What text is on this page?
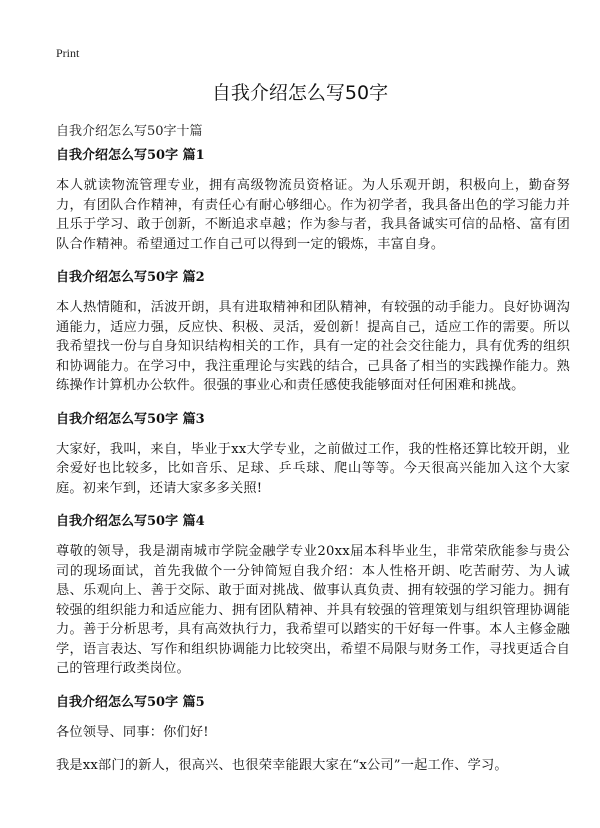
Print
自我介绍怎么写50字
自我介绍怎么写50字十篇
自我介绍怎么写50字 篇1

本人就读物流管理专业，拥有高级物流员资格证。为人乐观开朗，积极向上，勤奋努力，有团队合作精神，有责任心有耐心够细心。作为初学者，我具备出色的学习能力并且乐于学习、敢于创新，不断追求卓越；作为参与者，我具备诚实可信的品格、富有团队合作精神。希望通过工作自己可以得到一定的锻炼，丰富自身。

自我介绍怎么写50字 篇2

本人热情随和，活波开朗，具有进取精神和团队精神，有较强的动手能力。良好协调沟通能力，适应力强，反应快、积极、灵活，爱创新！提高自己，适应工作的需要。所以我希望找一份与自身知识结构相关的工作，具有一定的社会交往能力，具有优秀的组织和协调能力。在学习中，我注重理论与实践的结合，己具备了相当的实践操作能力。熟练操作计算机办公软件。很强的事业心和责任感使我能够面对任何困难和挑战。

自我介绍怎么写50字 篇3

大家好，我叫，来自，毕业于xx大学专业，之前做过工作，我的性格还算比较开朗，业余爱好也比较多，比如音乐、足球、乒乓球、爬山等等。今天很高兴能加入这个大家庭。初来乍到，还请大家多多关照!

自我介绍怎么写50字 篇4

尊敬的领导，我是湖南城市学院金融学专业20xx届本科毕业生，非常荣欣能参与贵公司的现场面试，首先我做个一分钟简短自我介绍：本人性格开朗、吃苦耐劳、为人诚恳、乐观向上、善于交际、敢于面对挑战、做事认真负责、拥有较强的学习能力。拥有较强的组织能力和适应能力、拥有团队精神、并具有较强的管理策划与组织管理协调能力。善于分析思考，具有高效执行力，我希望可以踏实的干好每一件事。本人主修金融学，语言表达、写作和组织协调能力比较突出，希望不局限与财务工作，寻找更适合自己的管理行政类岗位。

自我介绍怎么写50字 篇5

各位领导、同事：你们好!

我是xx部门的新人，很高兴、也很荣幸能跟大家在“x公司”一起工作、学习。
